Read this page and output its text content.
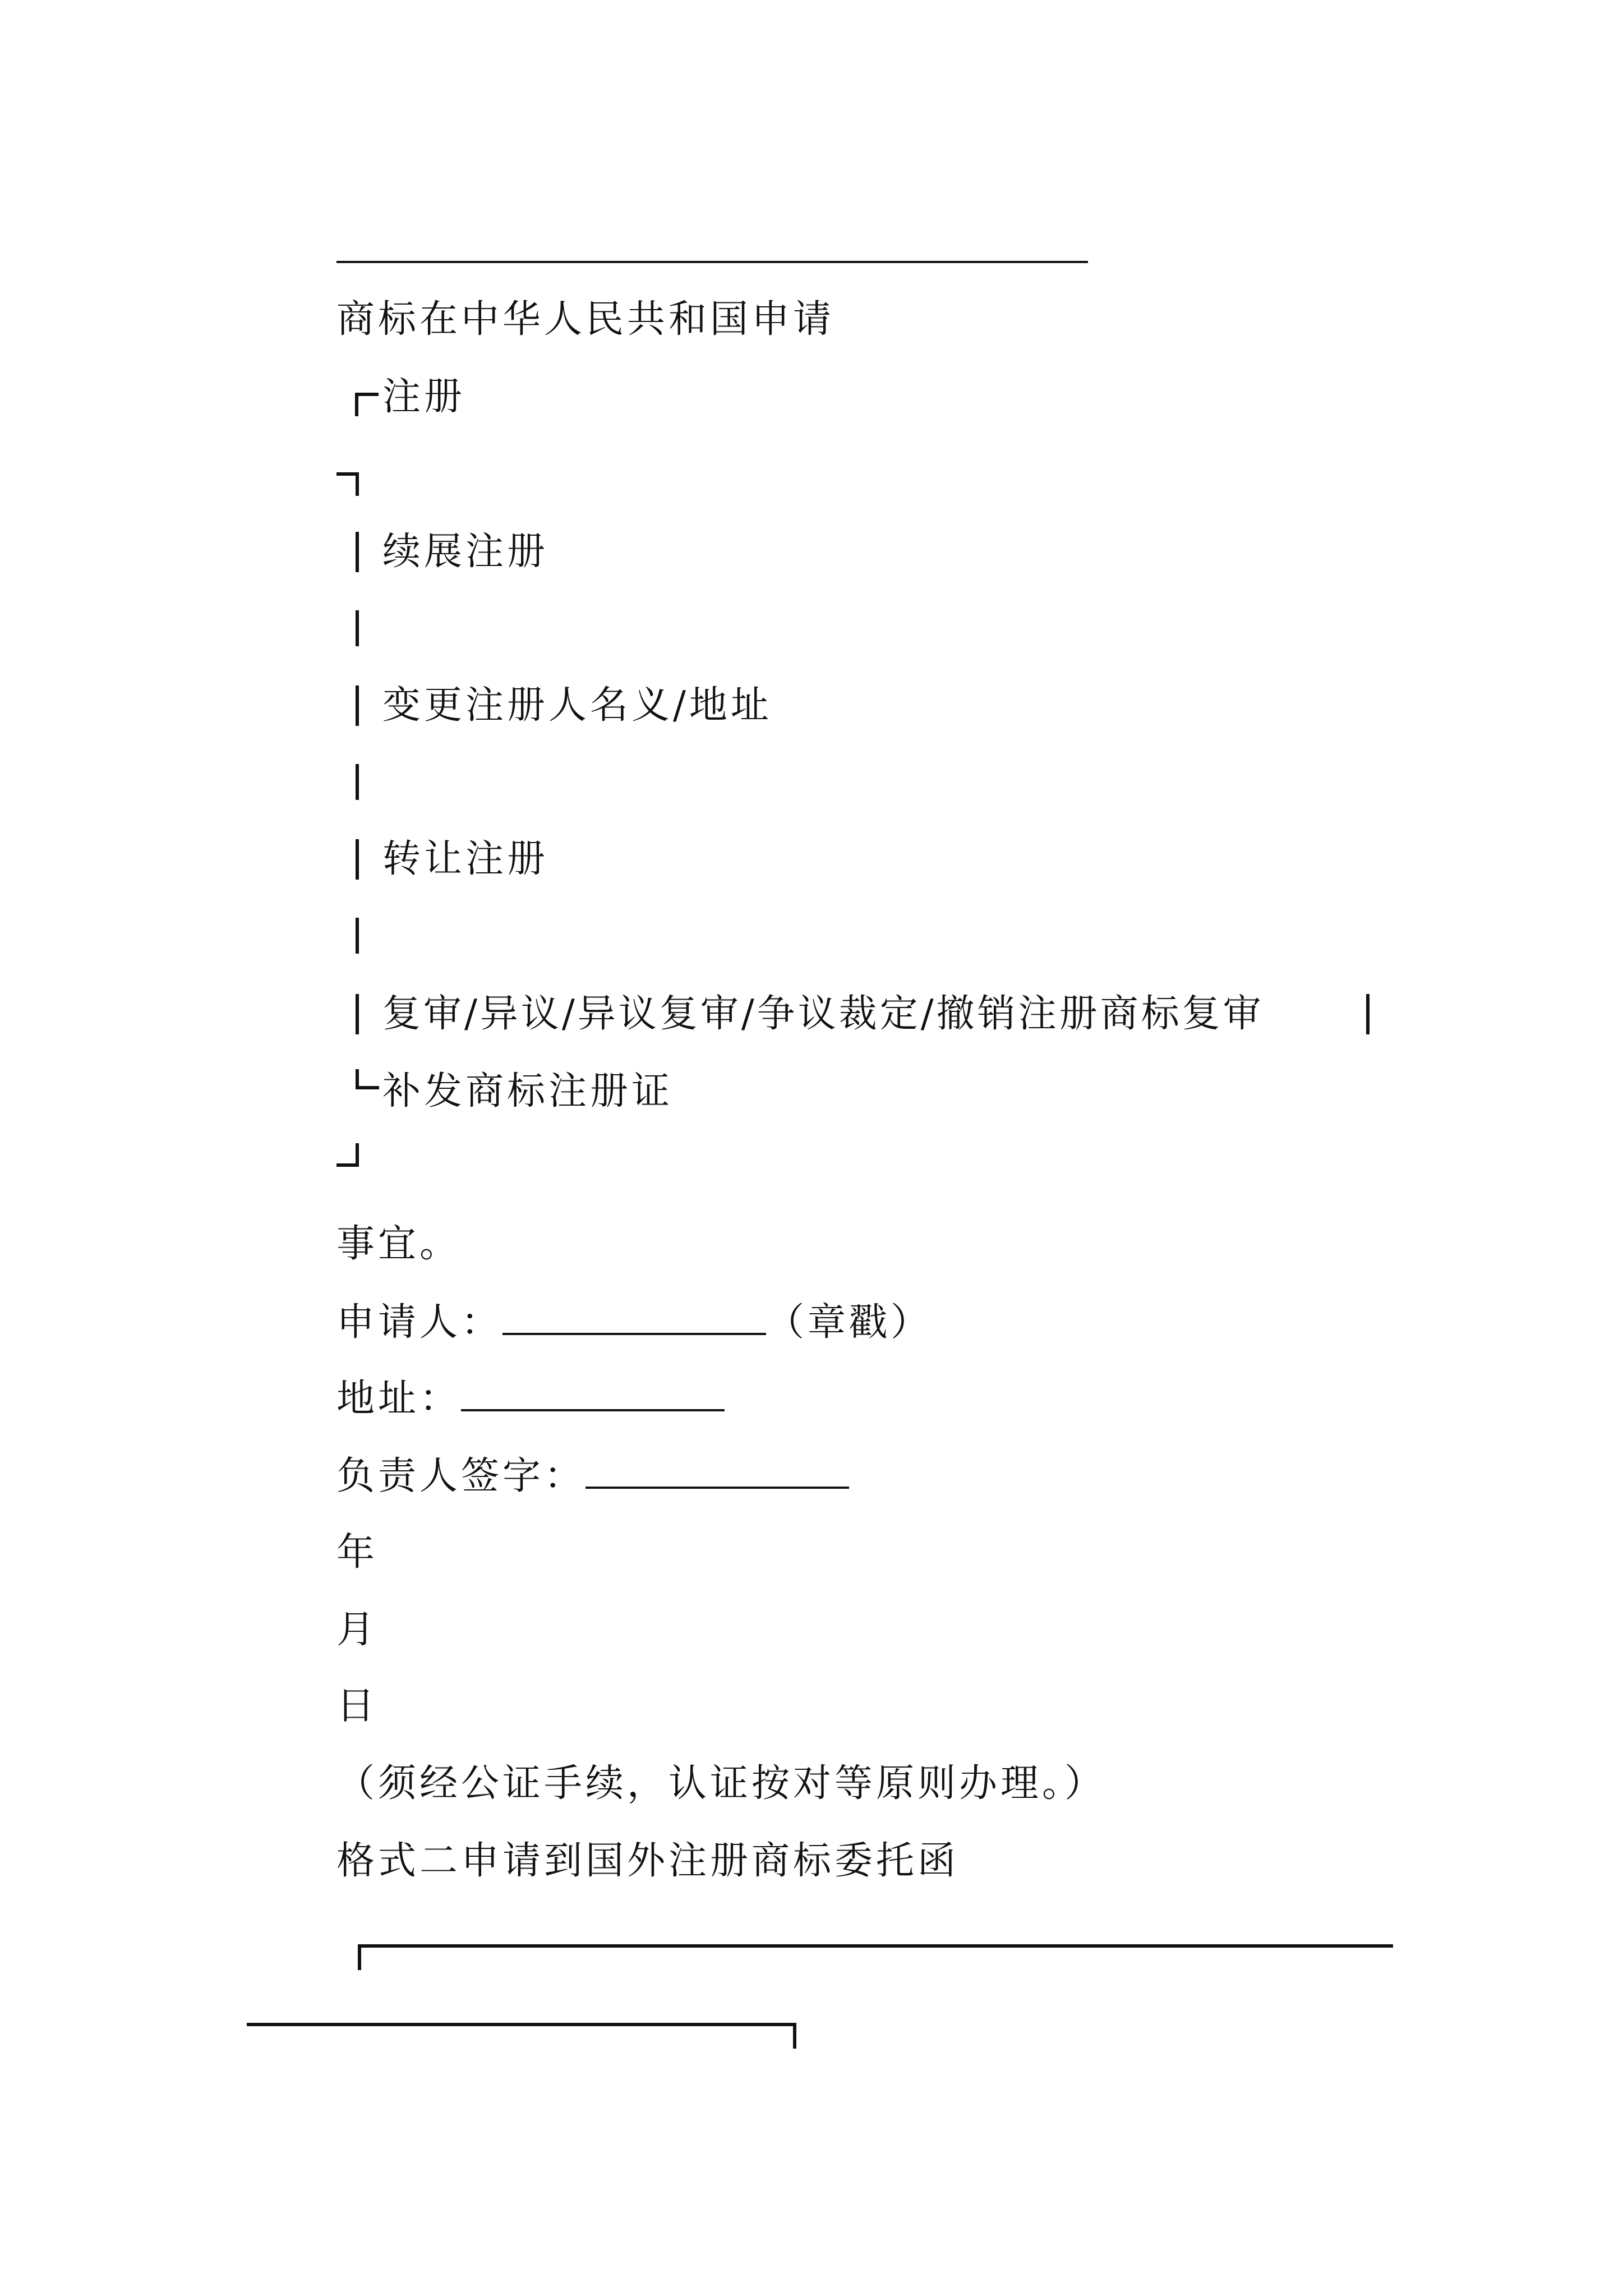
商标在中华人民共和国申请
注册
续展注册
变更注册人名义/地址
转让注册
复审/异议/异议复审/争议裁定/撤销注册商标复审
补发商标注册证
事宜。
申请人：	（章戳）
地址：
负责人签字：
年
月
日
（须经公证手续，认证按对等原则办理。）
格式二申请到国外注册商标委托函
